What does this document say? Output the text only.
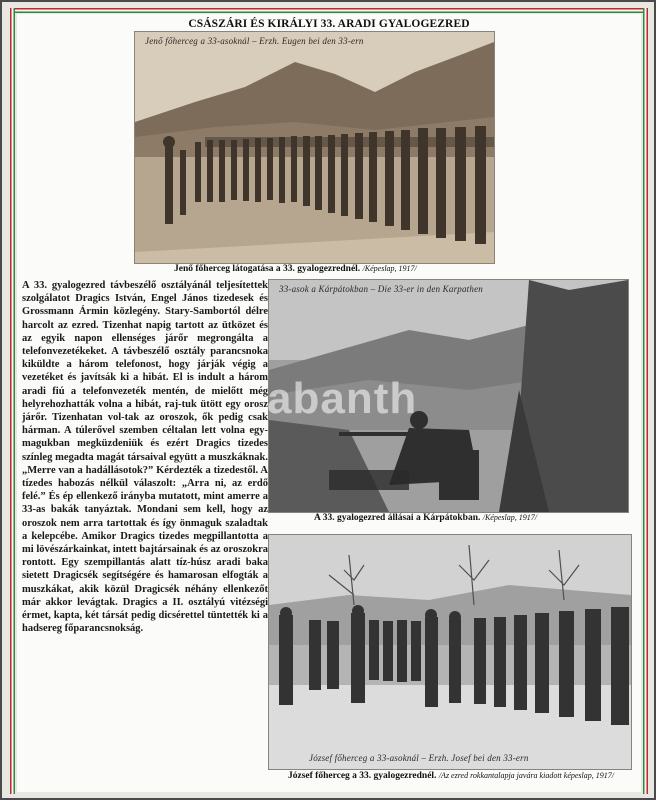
CSÁSZÁRI ÉS KIRÁLYI 33. ARADI GYALOGEZRED
Jenő főherceg a 33-asoknál – Erzh. Eugen bei den 33-ern
Jenő főherceg látogatása a 33. gyalogezrednél. /Képeslap, 1917/
33-asok a Kárpátokban – Die 33-er in den Karpathen
A 33. gyalogezred állásai a Kárpátokban. /Képeslap, 1917/
József főherceg a 33-asoknál – Erzh. Josef bei den 33-ern
József főherceg a 33. gyalogezrednél. /Az ezred rokkantalapja javára kiadott képeslap, 1917/

A 33. gyalogezred távbeszélő osztályánál teljesítettek szolgálatot Dragics István, Engel János tizedesek és Grossmann Ármin közlegény. Stary-Sambortól délre harcolt az ezred. Tizenhat napig tartott az ütközet és az egyik napon ellenséges járőr megrongálta a telefonvezetékeket. A távbeszélő osztály parancsnoka kiküldte a három telefonost, hogy járják végig a vezetéket és javítsák ki a hibát. El is indult a három aradi fiú a telefonvezeték mentén, de mielőtt még helyrehozhatták volna a hibát, raj-tuk ütött egy orosz járőr. Tizenhatan vol-tak az oroszok, ők pedig csak hárman. A túlerővel szemben céltalan lett volna egy-magukban megküzdeniük és ezért Dragics tizedes színleg megadta magát társaival együtt a muszkáknak. „Merre van a hadállásotok?” Kérdezték a tizedestől. A tízedes habozás nélkül válaszolt: „Arra ni, az erdő felé.” És ép ellenkező irányba mutatott, mint amerre a 33-as bakák tanyáztak. Mondani sem kell, hogy az oroszok nem arra tartottak és így önmaguk szaladtak a kelepcébe. Amikor Dragics tizedes megpillantotta a mi lövészárkainkat, intett bajtársainak és az oroszokra rontott. Egy szempillantás alatt tíz-húsz aradi baka sietett Dragicsék segítségére és hamarosan elfogták a muszkákat, akik közül Dragicsék néhány ellenkezőt már akkor levágtak. Dragics a II. osztályú vitézségi érmet, kapta, két társát pedig dicsérettel tüntették ki a hadsereg főparancsnokság.

abanth
